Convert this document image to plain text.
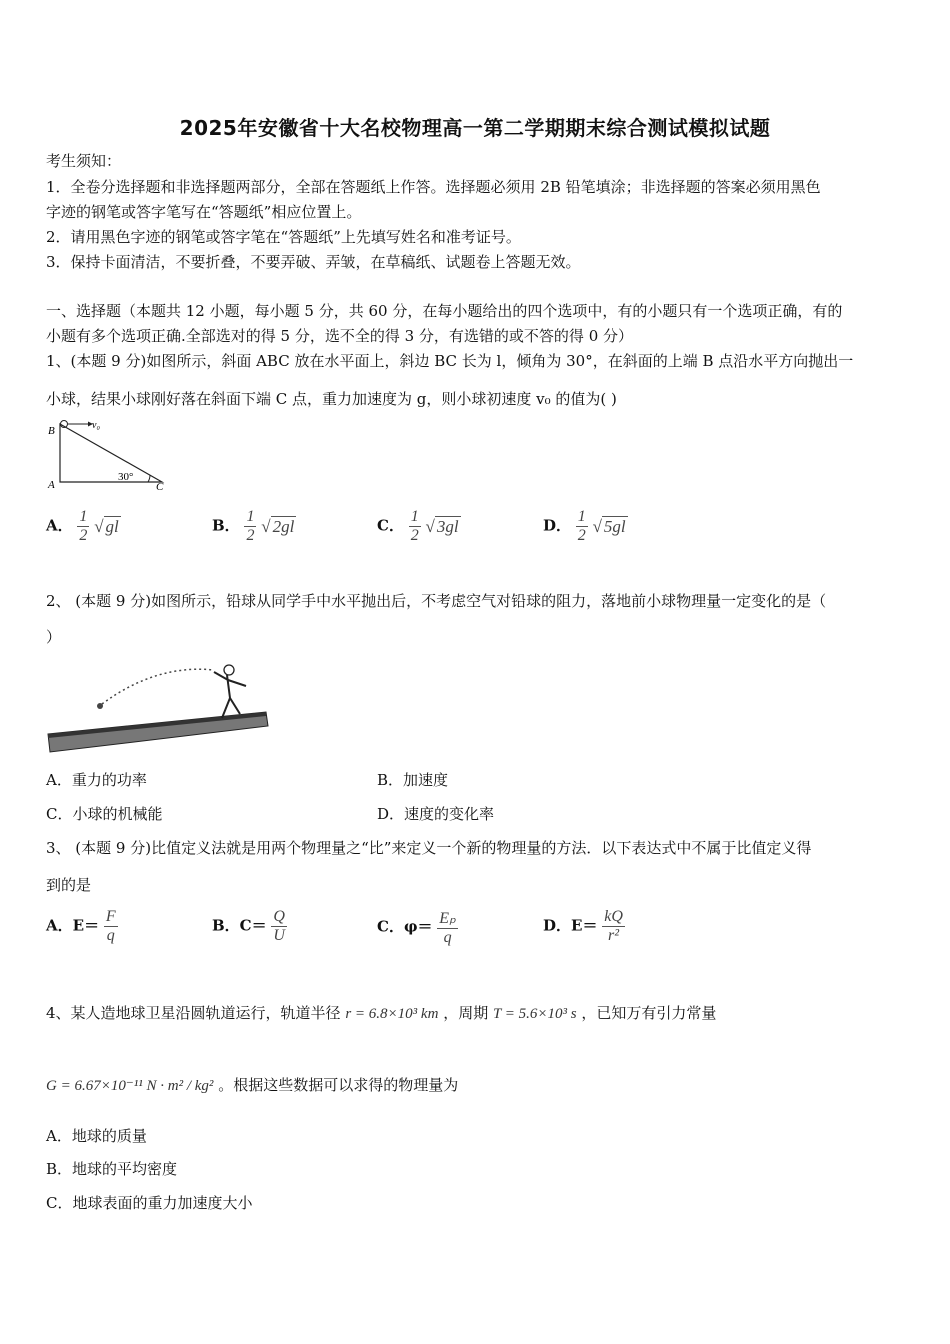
2025年安徽省十大名校物理高一第二学期期末综合测试模拟试题
考生须知：
1．全卷分选择题和非选择题两部分，全部在答题纸上作答。选择题必须用 2B 铅笔填涂；非选择题的答案必须用黑色
字迹的钢笔或答字笔写在“答题纸”相应位置上。
2．请用黑色字迹的钢笔或答字笔在“答题纸”上先填写姓名和准考证号。
3．保持卡面清洁，不要折叠，不要弄破、弄皱，在草稿纸、试题卷上答题无效。
一、选择题（本题共 12 小题，每小题 5 分，共 60 分，在每小题给出的四个选项中，有的小题只有一个选项正确，有的
小题有多个选项正确.全部选对的得 5 分，选不全的得 3 分，有选错的或不答的得 0 分）
1、(本题 9 分)如图所示，斜面 ABC 放在水平面上，斜边 BC 长为 l，倾角为 30°，在斜面的上端 B 点沿水平方向抛出一
小球，结果小球刚好落在斜面下端 C 点，重力加速度为 g，则小球初速度 v₀ 的值为( )
B
A	C
30°
v₀
A． $\frac{1}{2}$ √ gl	B． $\frac{1}{2}$ √ 2gl	C． $\frac{1}{2}$ √ 3gl	D． $\frac{1}{2}$ √ 5gl
2、 (本题 9 分)如图所示，铅球从同学手中水平抛出后，不考虑空气对铅球的阻力，落地前小球物理量一定变化的是（
）
A．重力的功率	B．加速度
C．小球的机械能	D．速度的变化率
3、 (本题 9 分)比值定义法就是用两个物理量之“比”来定义一个新的物理量的方法．以下表达式中不属于比值定义得
到的是
A．$E= \frac{F}{q}$	B．$C= \frac{Q}{U}$	C．$\varphi= \frac{\text{Eₚ}}{q}$	D．$E= \frac{kQ}{\text{r²}}$
4、某人造地球卫星沿圆轨道运行，轨道半径 r = 6.8×10³ km ，周期 T = 5.6×10³ s ，已知万有引力常量
G = 6.67×10⁻¹¹ N · m² / kg² 。根据这些数据可以求得的物理量为
A．地球的质量
B．地球的平均密度
C．地球表面的重力加速度大小
